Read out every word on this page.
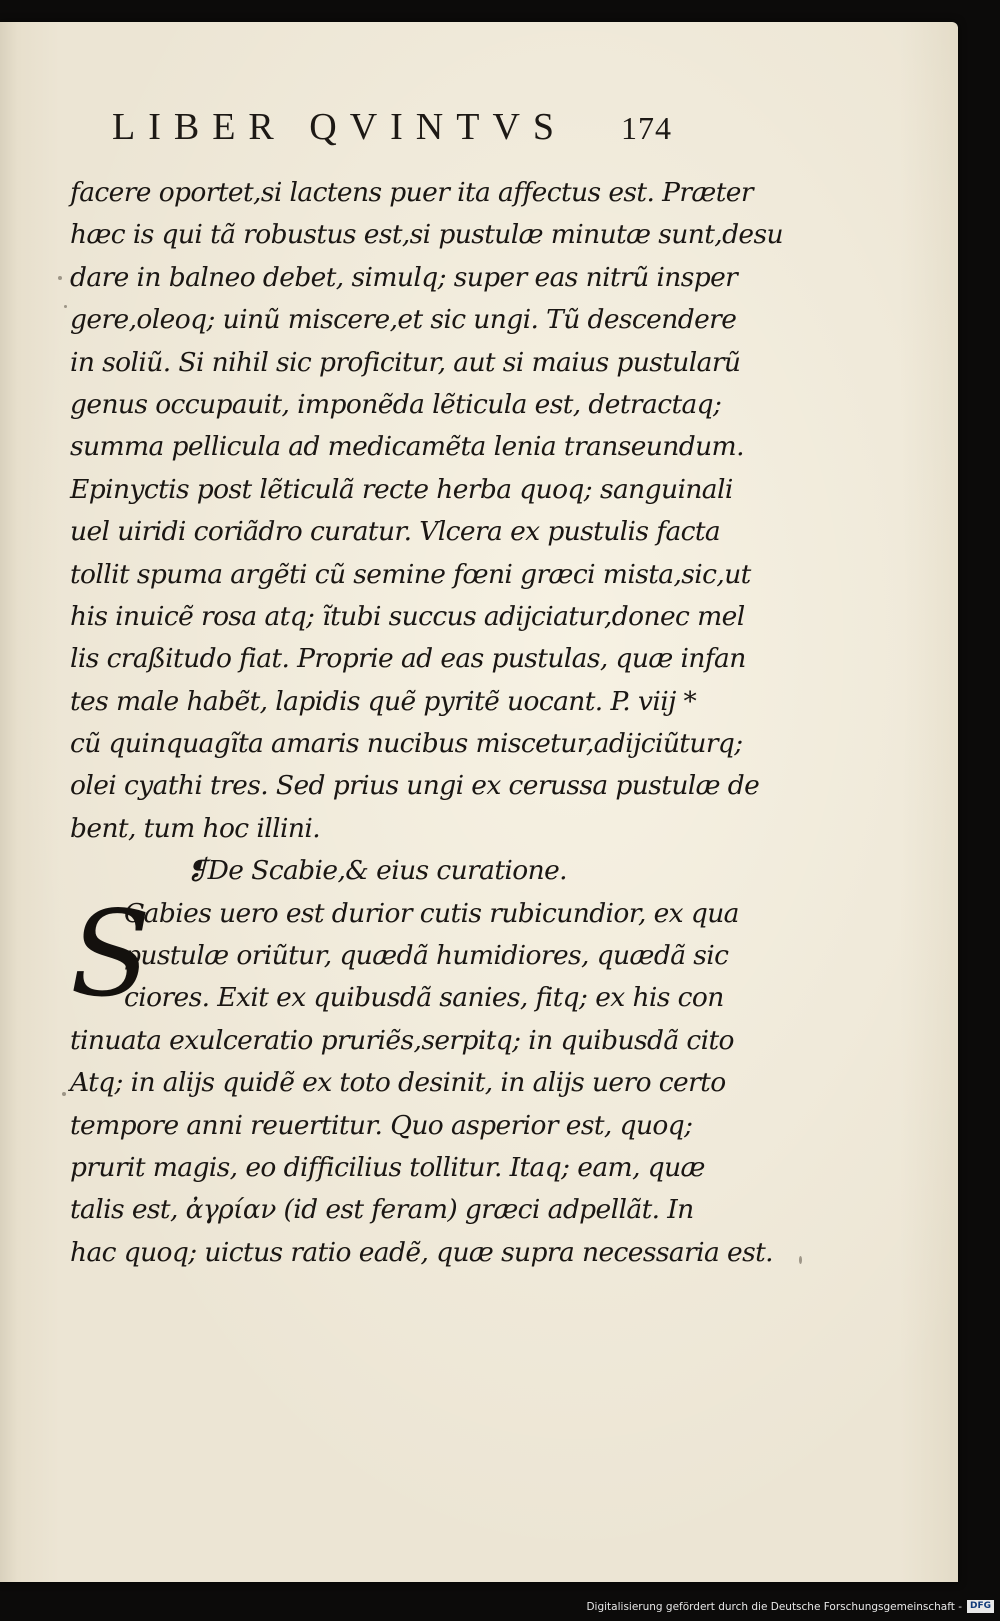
LIBER QVINTVS 174
facere oportet,si lactens puer ita affectus est. Præter
hæc is qui tã robustus est,si pustulæ minutæ sunt,desu
dare in balneo debet, simulq; super eas nitrũ insper
gere,oleoq; uinũ miscere,et sic ungi. Tũ descendere
in soliũ. Si nihil sic proficitur, aut si maius pustularũ
genus occupauit, imponẽda lẽticula est, detractaq;
summa pellicula ad medicamẽta lenia transeundum.
Epinyctis post lẽticulã recte herba quoq; sanguinali
uel uiridi coriãdro curatur. Vlcera ex pustulis facta
tollit spuma argẽti cũ semine fœni græci mista,sic,ut
his inuicẽ rosa atq; ĩtubi succus adijciatur,donec mel
lis craßitudo fiat. Proprie ad eas pustulas, quæ infan
tes male habẽt, lapidis quẽ pyritẽ uocant. P. viij *
cũ quinquagĩta amaris nucibus miscetur,adijciũturq;
olei cyathi tres. Sed prius ungi ex cerussa pustulæ de
bent, tum hoc illini.
❡De Scabie,& eius curatione.
S
Cabies uero est durior cutis rubicundior, ex qua
pustulæ oriũtur, quædã humidiores, quædã sic
ciores. Exit ex quibusdã sanies, fitq; ex his con
tinuata exulceratio pruriẽs,serpitq; in quibusdã cito
Atq; in alijs quidẽ ex toto desinit, in alijs uero certo
tempore anni reuertitur. Quo asperior est, quoq;
prurit magis, eo difficilius tollitur. Itaq; eam, quæ
talis est, ἀγρίαν (id est feram) græci adpellãt. In
hac quoq; uictus ratio eadẽ, quæ supra necessaria est.
Digitalisierung gefördert durch die Deutsche Forschungsgemeinschaft - DFG
